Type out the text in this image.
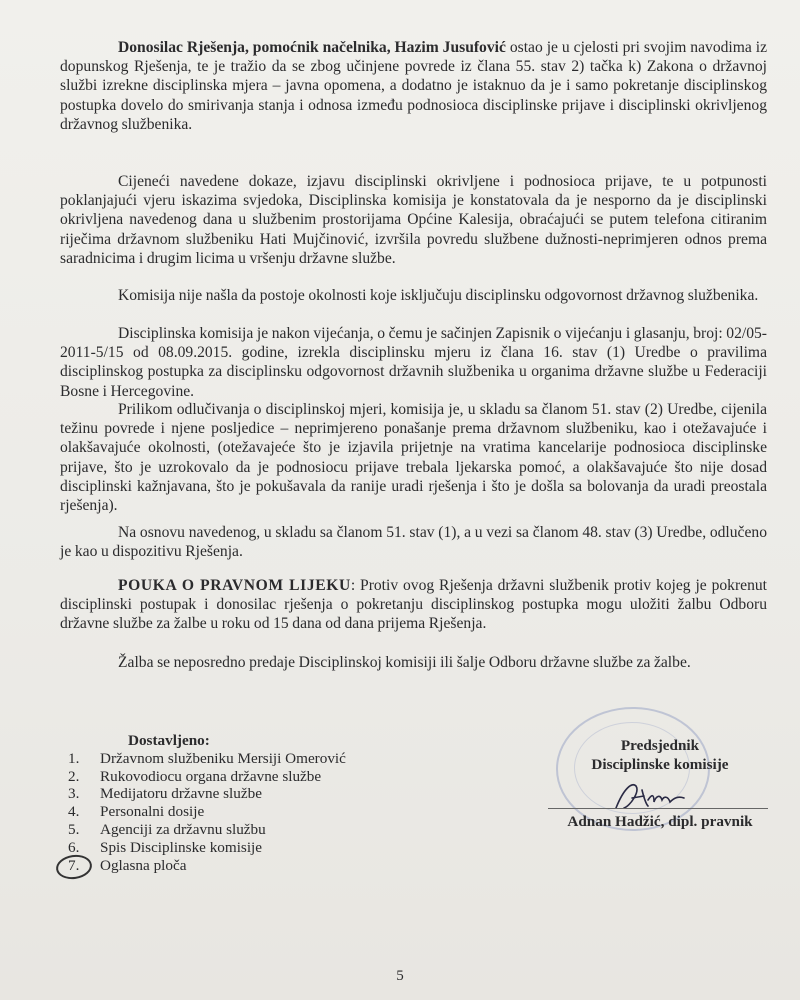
Donosilac Rješenja, pomoćnik načelnika, Hazim Jusufović ostao je u cjelosti pri svojim navodima iz dopunskog Rješenja, te je tražio da se zbog učinjene povrede iz člana 55. stav 2) tačka k) Zakona o državnoj službi izrekne disciplinska mjera – javna opomena, a dodatno je istaknuo da je i samo pokretanje disciplinskog postupka dovelo do smirivanja stanja i odnosa između podnosioca disciplinske prijave i disciplinski okrivljenog državnog službenika.

Cijeneći navedene dokaze, izjavu disciplinski okrivljene i podnosioca prijave, te u potpunosti poklanjajući vjeru iskazima svjedoka, Disciplinska komisija je konstatovala da je nesporno da je disciplinski okrivljena navedenog dana u službenim prostorijama Općine Kalesija, obraćajući se putem telefona citiranim riječima državnom službeniku Hati Mujčinović, izvršila povredu službene dužnosti-neprimjeren odnos prema saradnicima i drugim licima u vršenju državne službe.

Komisija nije našla da postoje okolnosti koje isključuju disciplinsku odgovornost državnog službenika.

Disciplinska komisija je nakon vijećanja, o čemu je sačinjen Zapisnik o vijećanju i glasanju, broj: 02/05-2011-5/15 od 08.09.2015. godine, izrekla disciplinsku mjeru iz člana 16. stav (1) Uredbe o pravilima disciplinskog postupka za disciplinsku odgovornost državnih službenika u organima državne službe u Federaciji Bosne i Hercegovine.

Prilikom odlučivanja o disciplinskoj mjeri, komisija je, u skladu sa članom 51. stav (2) Uredbe, cijenila težinu povrede i njene posljedice – neprimjereno ponašanje prema državnom službeniku, kao i otežavajuće i olakšavajuće okolnosti, (otežavajeće što je izjavila prijetnje na vratima kancelarije podnosioca disciplinske prijave, što je uzrokovalo da je podnosiocu prijave trebala ljekarska pomoć, a olakšavajuće što nije dosad disciplinski kažnjavana, što je pokušavala da ranije uradi rješenja i što je došla sa bolovanja da uradi preostala rješenja).

Na osnovu navedenog, u skladu sa članom 51. stav (1), a u vezi sa članom 48. stav (3) Uredbe, odlučeno je kao u dispozitivu Rješenja.

POUKA O PRAVNOM LIJEKU: Protiv ovog Rješenja državni službenik protiv kojeg je pokrenut disciplinski postupak i donosilac rješenja o pokretanju disciplinskog postupka mogu uložiti žalbu Odboru državne službe za žalbe u roku od 15 dana od dana prijema Rješenja.

Žalba se neposredno predaje Disciplinskoj komisiji ili šalje Odboru državne službe za žalbe.

Dostavljeno:
1. Državnom službeniku Mersiji Omerović
2. Rukovodiocu organa državne službe
3. Medijatoru državne službe
4. Personalni dosije
5. Agenciji za državnu službu
6. Spis Disciplinske komisije
7. Oglasna ploča
Predsjednik
Disciplinske komisije
Adnan Hadžić, dipl. pravnik
5
